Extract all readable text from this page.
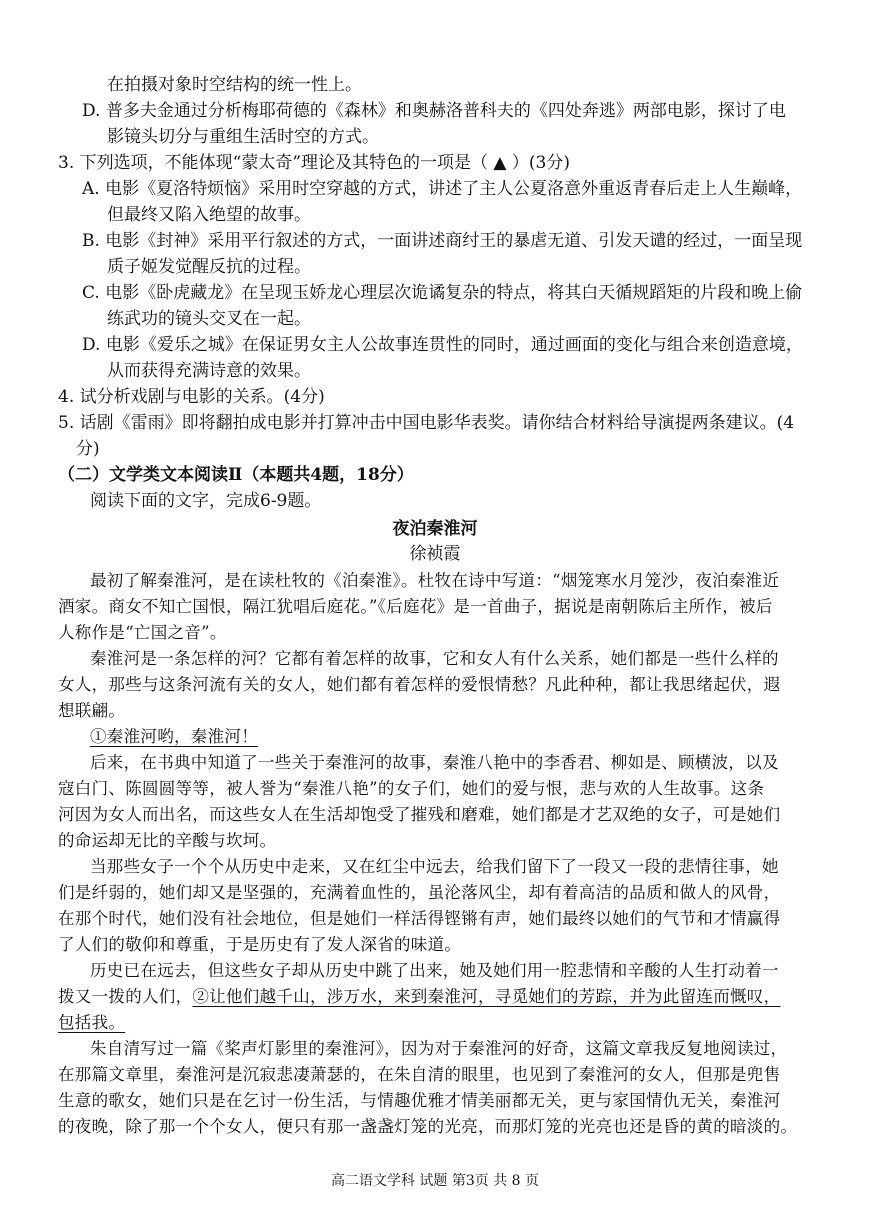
在拍摄对象时空结构的统一性上。
D. 普多夫金通过分析梅耶荷德的《森林》和奥赫洛普科夫的《四处奔逃》两部电影，探讨了电
影镜头切分与重组生活时空的方式。
3. 下列选项，不能体现“蒙太奇”理论及其特色的一项是（ ▲ ）(3分)
A. 电影《夏洛特烦恼》采用时空穿越的方式，讲述了主人公夏洛意外重返青春后走上人生巅峰，
但最终又陷入绝望的故事。
B. 电影《封神》采用平行叙述的方式，一面讲述商纣王的暴虐无道、引发天谴的经过，一面呈现
质子姬发觉醒反抗的过程。
C. 电影《卧虎藏龙》在呈现玉娇龙心理层次诡谲复杂的特点，将其白天循规蹈矩的片段和晚上偷
练武功的镜头交叉在一起。
D. 电影《爱乐之城》在保证男女主人公故事连贯性的同时，通过画面的变化与组合来创造意境，
从而获得充满诗意的效果。
4. 试分析戏剧与电影的关系。(4分)
5. 话剧《雷雨》即将翻拍成电影并打算冲击中国电影华表奖。请你结合材料给导演提两条建议。(4
分)
（二）文学类文本阅读Ⅱ（本题共4题，18分）
阅读下面的文字，完成6-9题。
夜泊秦淮河
徐祯霞
最初了解秦淮河，是在读杜牧的《泊秦淮》。杜牧在诗中写道：“烟笼寒水月笼沙，夜泊秦淮近
酒家。商女不知亡国恨，隔江犹唱后庭花。”《后庭花》是一首曲子，据说是南朝陈后主所作，被后
人称作是“亡国之音”。
秦淮河是一条怎样的河？它都有着怎样的故事，它和女人有什么关系，她们都是一些什么样的
女人，那些与这条河流有关的女人，她们都有着怎样的爱恨情愁？凡此种种，都让我思绪起伏，遐
想联翩。
①秦淮河哟，秦淮河！
后来，在书典中知道了一些关于秦淮河的故事，秦淮八艳中的李香君、柳如是、顾横波，以及
寇白门、陈圆圆等等，被人誉为“秦淮八艳”的女子们，她们的爱与恨，悲与欢的人生故事。这条
河因为女人而出名，而这些女人在生活却饱受了摧残和磨难，她们都是才艺双绝的女子，可是她们
的命运却无比的辛酸与坎坷。
当那些女子一个个从历史中走来，又在红尘中远去，给我们留下了一段又一段的悲情往事，她
们是纤弱的，她们却又是坚强的，充满着血性的，虽沦落风尘，却有着高洁的品质和做人的风骨，
在那个时代，她们没有社会地位，但是她们一样活得铿锵有声，她们最终以她们的气节和才情赢得
了人们的敬仰和尊重，于是历史有了发人深省的味道。
历史已在远去，但这些女子却从历史中跳了出来，她及她们用一腔悲情和辛酸的人生打动着一
拨又一拨的人们，②让他们越千山，涉万水，来到秦淮河，寻觅她们的芳踪，并为此留连而慨叹，
包括我。
朱自清写过一篇《桨声灯影里的秦淮河》，因为对于秦淮河的好奇，这篇文章我反复地阅读过，
在那篇文章里，秦淮河是沉寂悲凄萧瑟的，在朱自清的眼里，也见到了秦淮河的女人，但那是兜售
生意的歌女，她们只是在乞讨一份生活，与情趣优雅才情美丽都无关，更与家国情仇无关，秦淮河
的夜晚，除了那一个个女人，便只有那一盏盏灯笼的光亮，而那灯笼的光亮也还是昏的黄的暗淡的。
高二语文学科 试题 第3页 共 8 页
